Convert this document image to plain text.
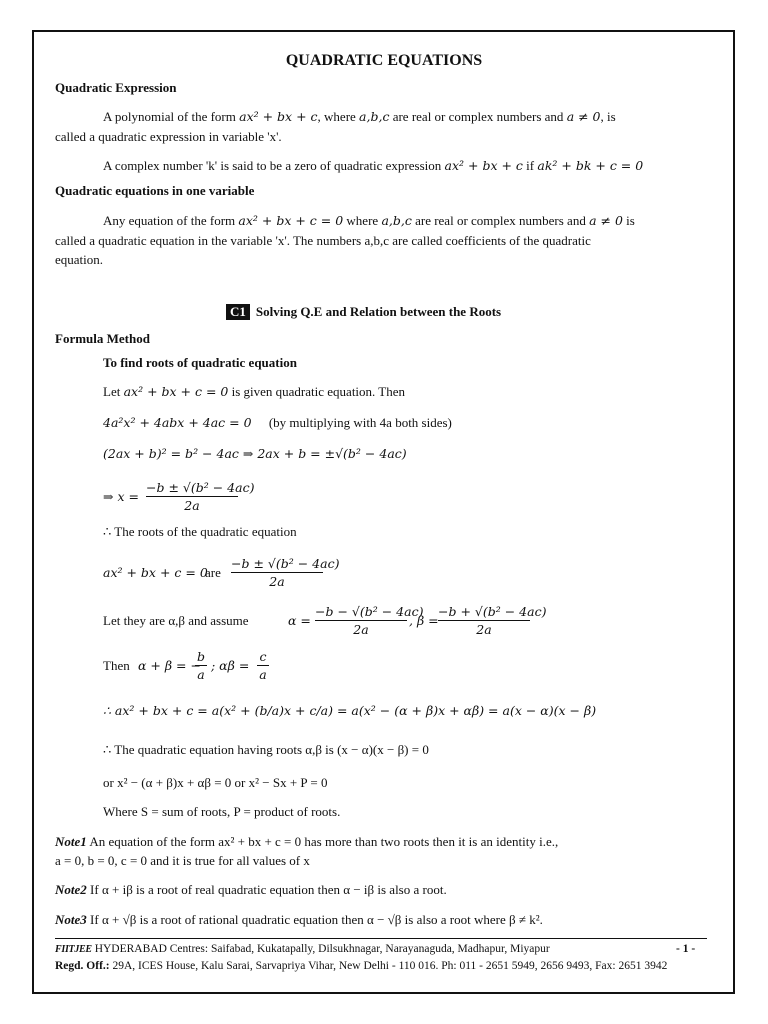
QUADRATIC EQUATIONS
Quadratic Expression
A polynomial of the form ax² + bx + c, where a,b,c are real or complex numbers and a ≠ 0, is
called a quadratic expression in variable 'x'.
A complex number 'k' is said to be a zero of quadratic expression ax² + bx + c if ak² + bk + c = 0
Quadratic equations in one variable
Any equation of the form ax² + bx + c = 0 where a,b,c are real or complex numbers and a ≠ 0 is
called a quadratic equation in the variable 'x'. The numbers a,b,c are called coefficients of the quadratic
equation.
C1 Solving Q.E and Relation between the Roots
Formula Method
To find roots of quadratic equation
Let ax² + bx + c = 0 is given quadratic equation. Then
4a²x² + 4abx + 4ac = 0 (by multiplying with 4a both sides)
(2ax + b)² = b² − 4ac ⇒ 2ax + b = ±√(b² − 4ac)
⇒ x =
−b ± √(b² − 4ac)
2a
∴ The roots of the quadratic equation
ax² + bx + c = 0
are
−b ± √(b² − 4ac)
2a
Let they are α,β and assume	α =
−b − √(b² − 4ac)
2a
, β =
−b + √(b² − 4ac)
2a
Then α + β = −
b
a
; αβ =
c
a
∴ ax² + bx + c = a(x² + (b/a)x + c/a) = a(x² − (α + β)x + αβ) = a(x − α)(x − β)
∴ The quadratic equation having roots α,β is (x − α)(x − β) = 0
or x² − (α + β)x + αβ = 0 or x² − Sx + P = 0
Where S = sum of roots, P = product of roots.
Note1 An equation of the form ax² + bx + c = 0 has more than two roots then it is an identity i.e.,
a = 0, b = 0, c = 0 and it is true for all values of x
Note2 If α + iβ is a root of real quadratic equation then α − iβ is also a root.
Note3 If α + √β is a root of rational quadratic equation then α − √β is also a root where β ≠ k².
FIITJEE HYDERABAD Centres: Saifabad, Kukatapally, Dilsukhnagar, Narayanaguda, Madhapur, Miyapur	- 1 -
Regd. Off.: 29A, ICES House, Kalu Sarai, Sarvapriya Vihar, New Delhi - 110 016. Ph: 011 - 2651 5949, 2656 9493, Fax: 2651 3942
